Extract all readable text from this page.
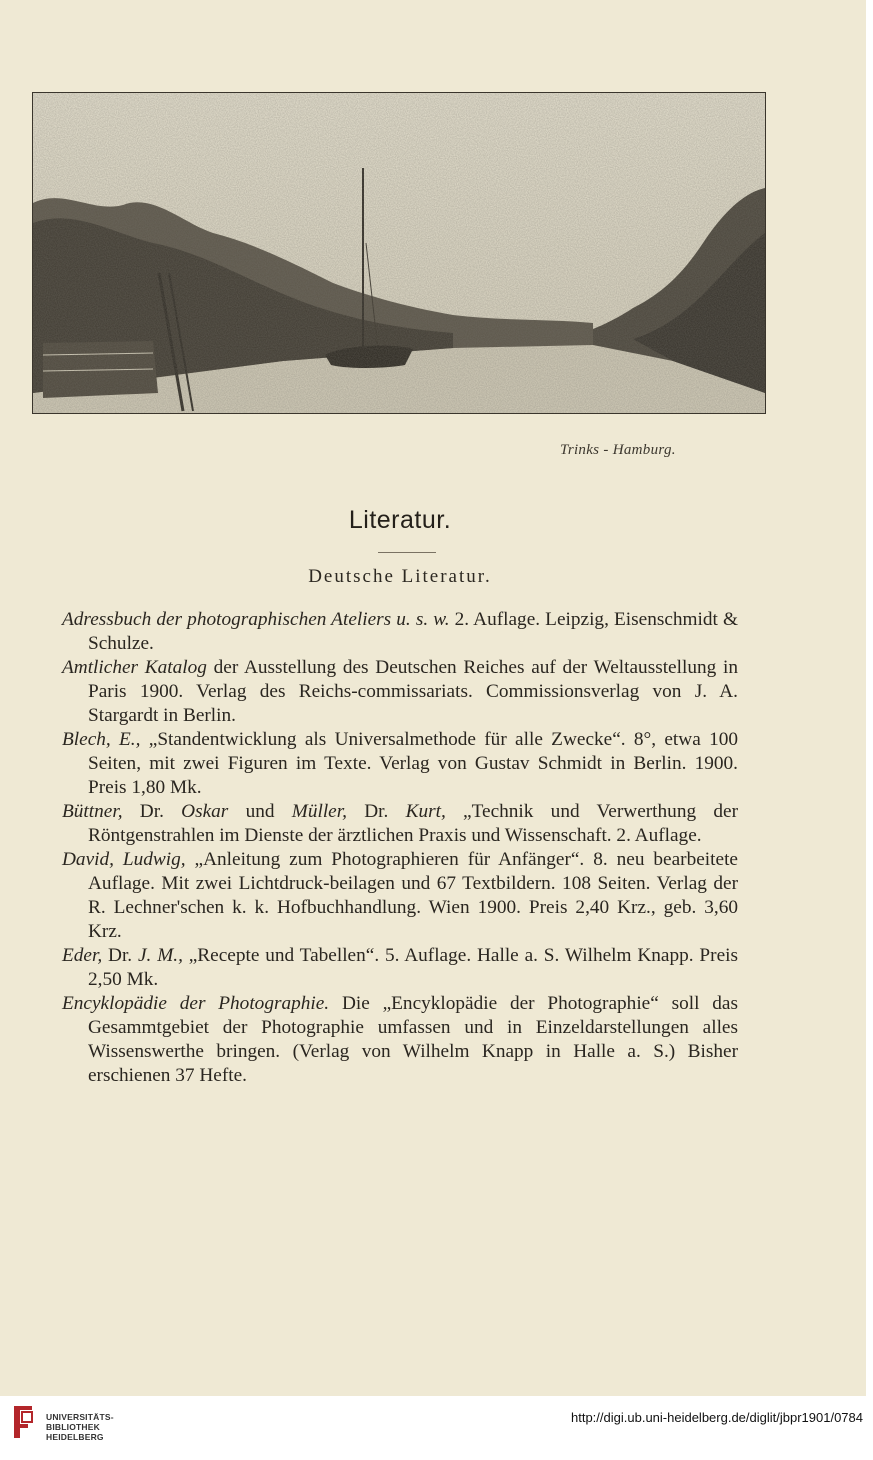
Trinks - Hamburg.
Literatur.
Deutsche Literatur.

Adressbuch der photographischen Ateliers u. s. w. 2. Auflage. Leipzig, Eisenschmidt & Schulze.

Amtlicher Katalog der Ausstellung des Deutschen Reiches auf der Weltausstellung in Paris 1900. Verlag des Reichs-commissariats. Commissionsverlag von J. A. Stargardt in Berlin.

Blech, E., „Standentwicklung als Universalmethode für alle Zwecke“. 8°, etwa 100 Seiten, mit zwei Figuren im Texte. Verlag von Gustav Schmidt in Berlin. 1900. Preis 1,80 Mk.

Büttner, Dr. Oskar und Müller, Dr. Kurt, „Technik und Verwerthung der Röntgenstrahlen im Dienste der ärztlichen Praxis und Wissenschaft. 2. Auflage.

David, Ludwig, „Anleitung zum Photographieren für Anfänger“. 8. neu bearbeitete Auflage. Mit zwei Lichtdruck-beilagen und 67 Textbildern. 108 Seiten. Verlag der R. Lechner'schen k. k. Hofbuchhandlung. Wien 1900. Preis 2,40 Krz., geb. 3,60 Krz.

Eder, Dr. J. M., „Recepte und Tabellen“. 5. Auflage. Halle a. S. Wilhelm Knapp. Preis 2,50 Mk.

Encyklopädie der Photographie. Die „Encyklopädie der Photographie“ soll das Gesammtgebiet der Photographie umfassen und in Einzeldarstellungen alles Wissenswerthe bringen. (Verlag von Wilhelm Knapp in Halle a. S.) Bisher erschienen 37 Hefte.

UNIVERSITÄTS-
BIBLIOTHEK
HEIDELBERG
http://digi.ub.uni-heidelberg.de/diglit/jbpr1901/0784
